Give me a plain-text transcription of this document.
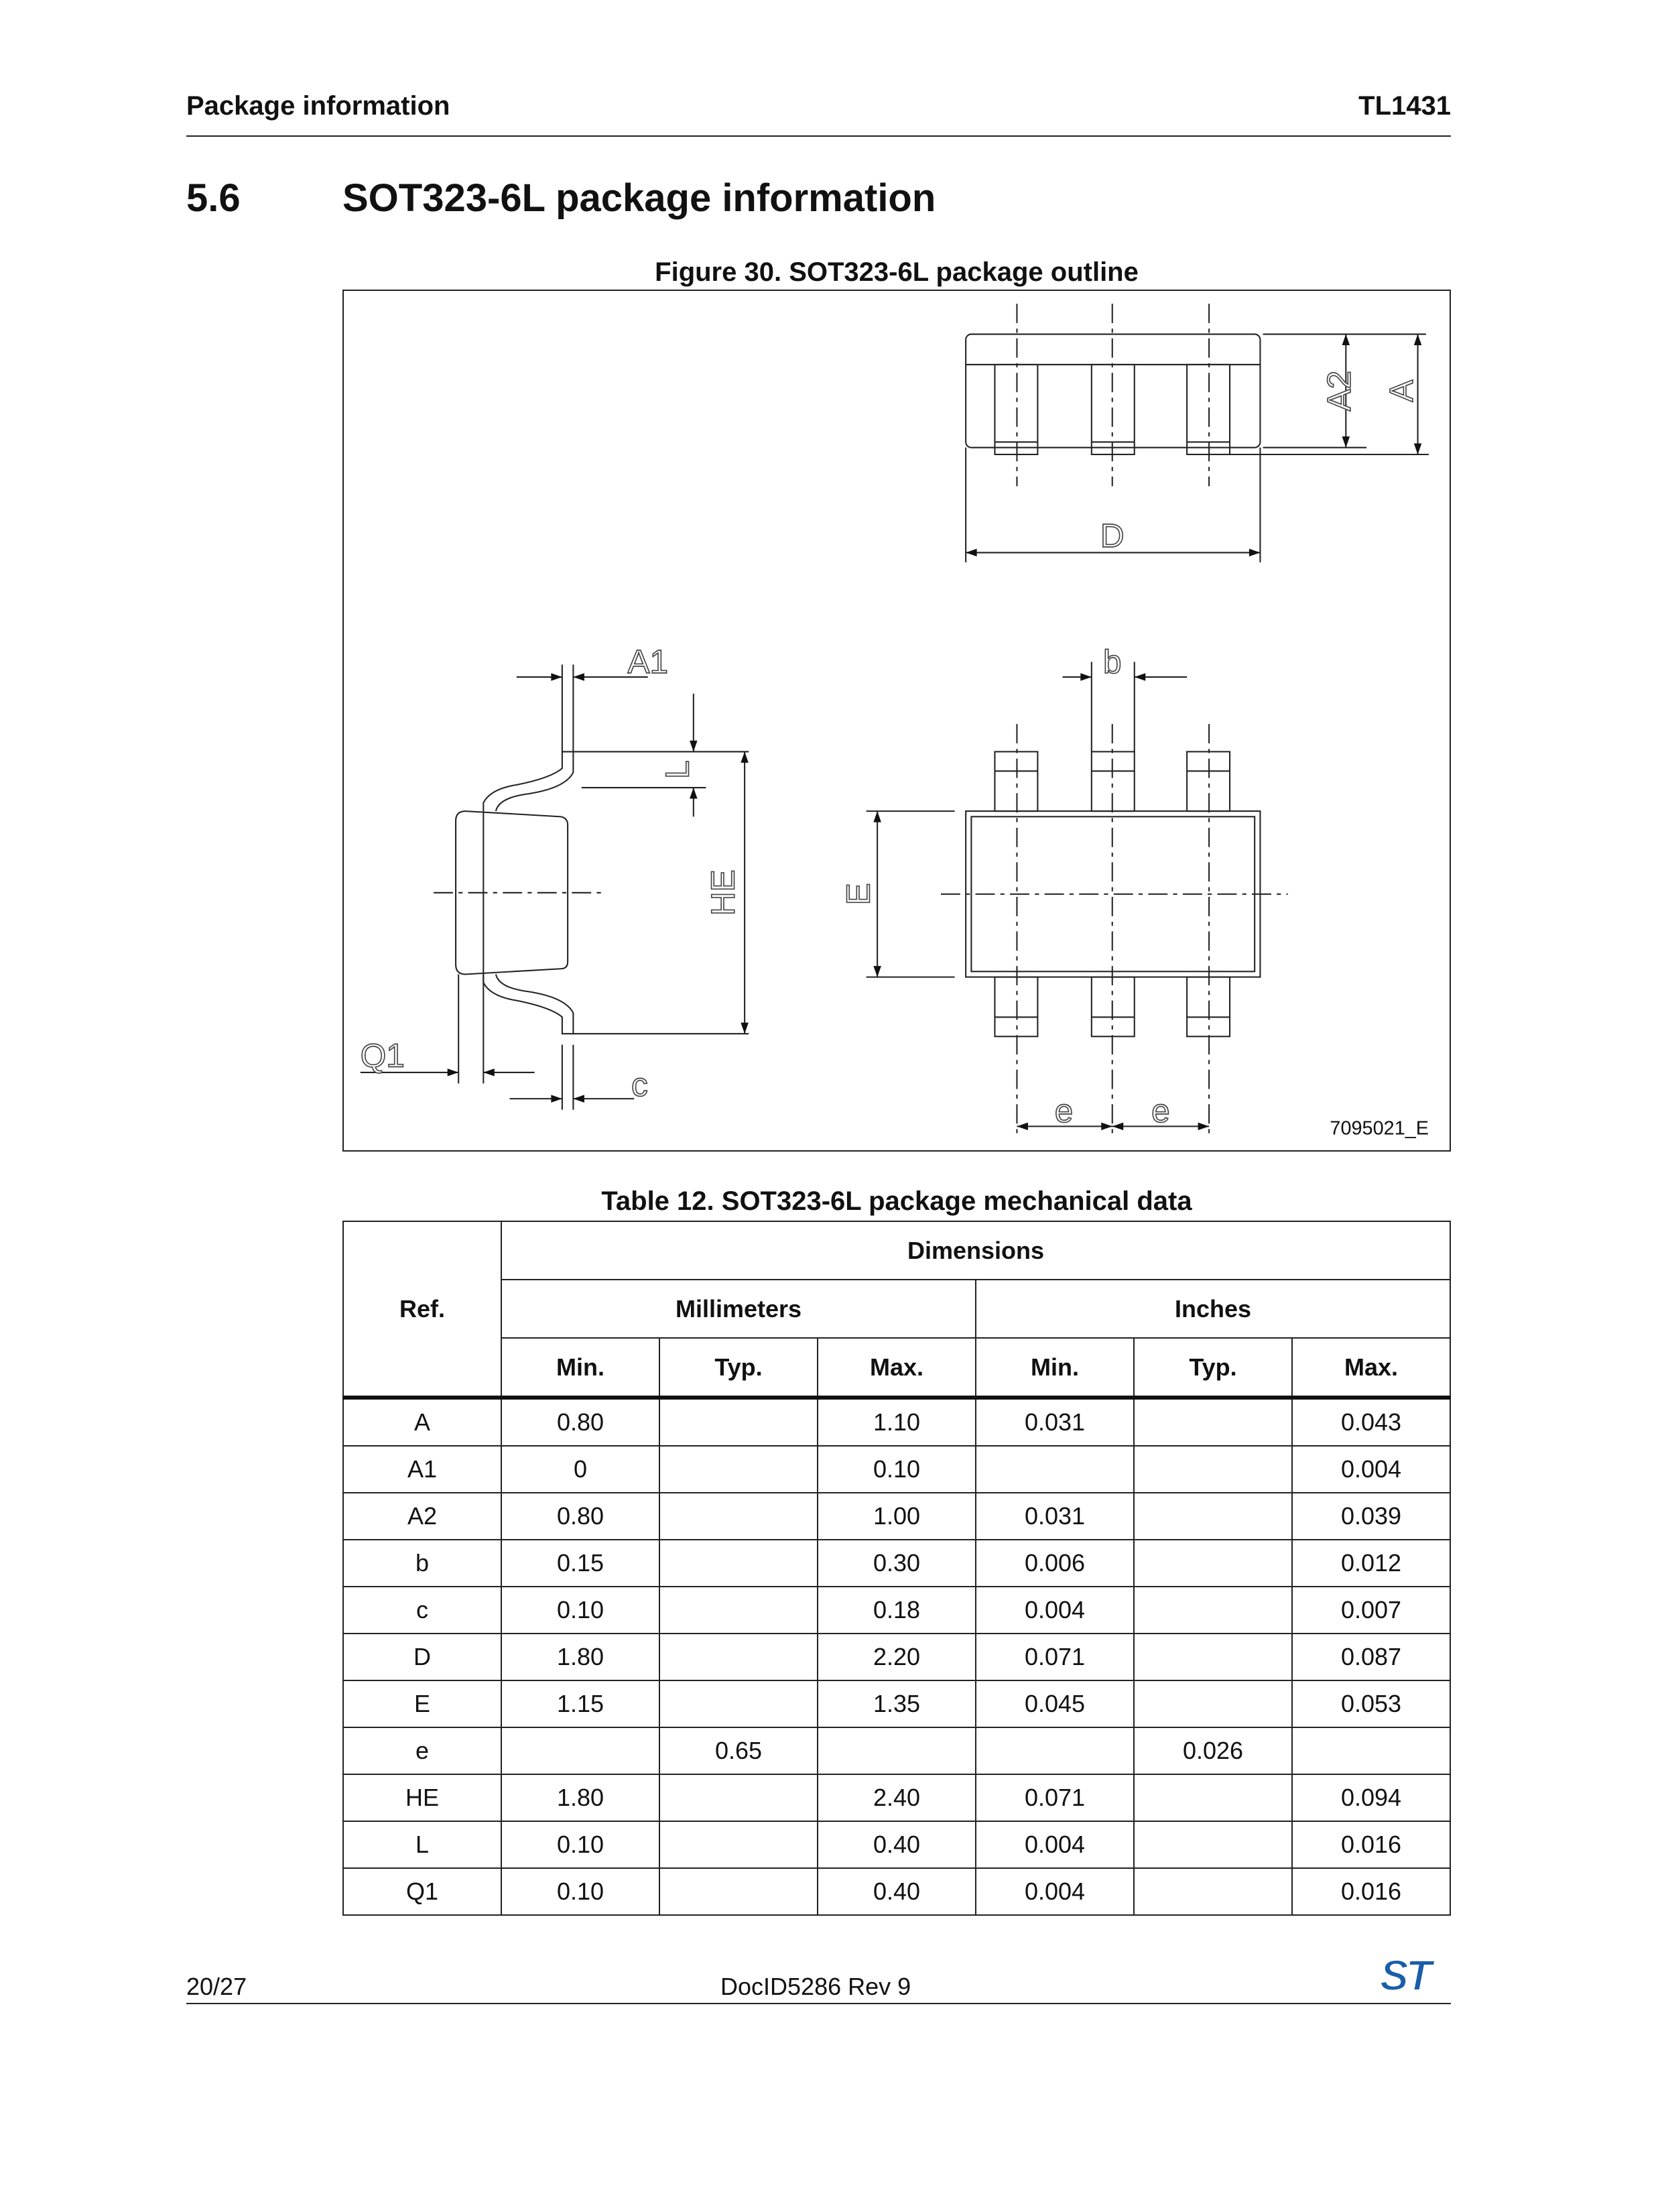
Package information	TL1431
5.6	SOT323-6L package information
Figure 30. SOT323-6L package outline
A2 A
D
A1
L
HE
Q1
c
b
E
e	e	7095021_E
Table 12. SOT323-6L package mechanical data
Ref.	Dimensions					
	Millimeters			Inches		
	Min.	Typ.	Max.	Min.	Typ.	Max.
A	0.80		1.10	0.031		0.043
A1	0		0.10			0.004
A2	0.80		1.00	0.031		0.039
b	0.15		0.30	0.006		0.012
c	0.10		0.18	0.004		0.007
D	1.80		2.20	0.071		0.087
E	1.15		1.35	0.045		0.053
e		0.65			0.026	
HE	1.80		2.40	0.071		0.094
L	0.10		0.40	0.004		0.016
Q1	0.10		0.40	0.004		0.016
20/27	DocID5286 Rev 9	ST
